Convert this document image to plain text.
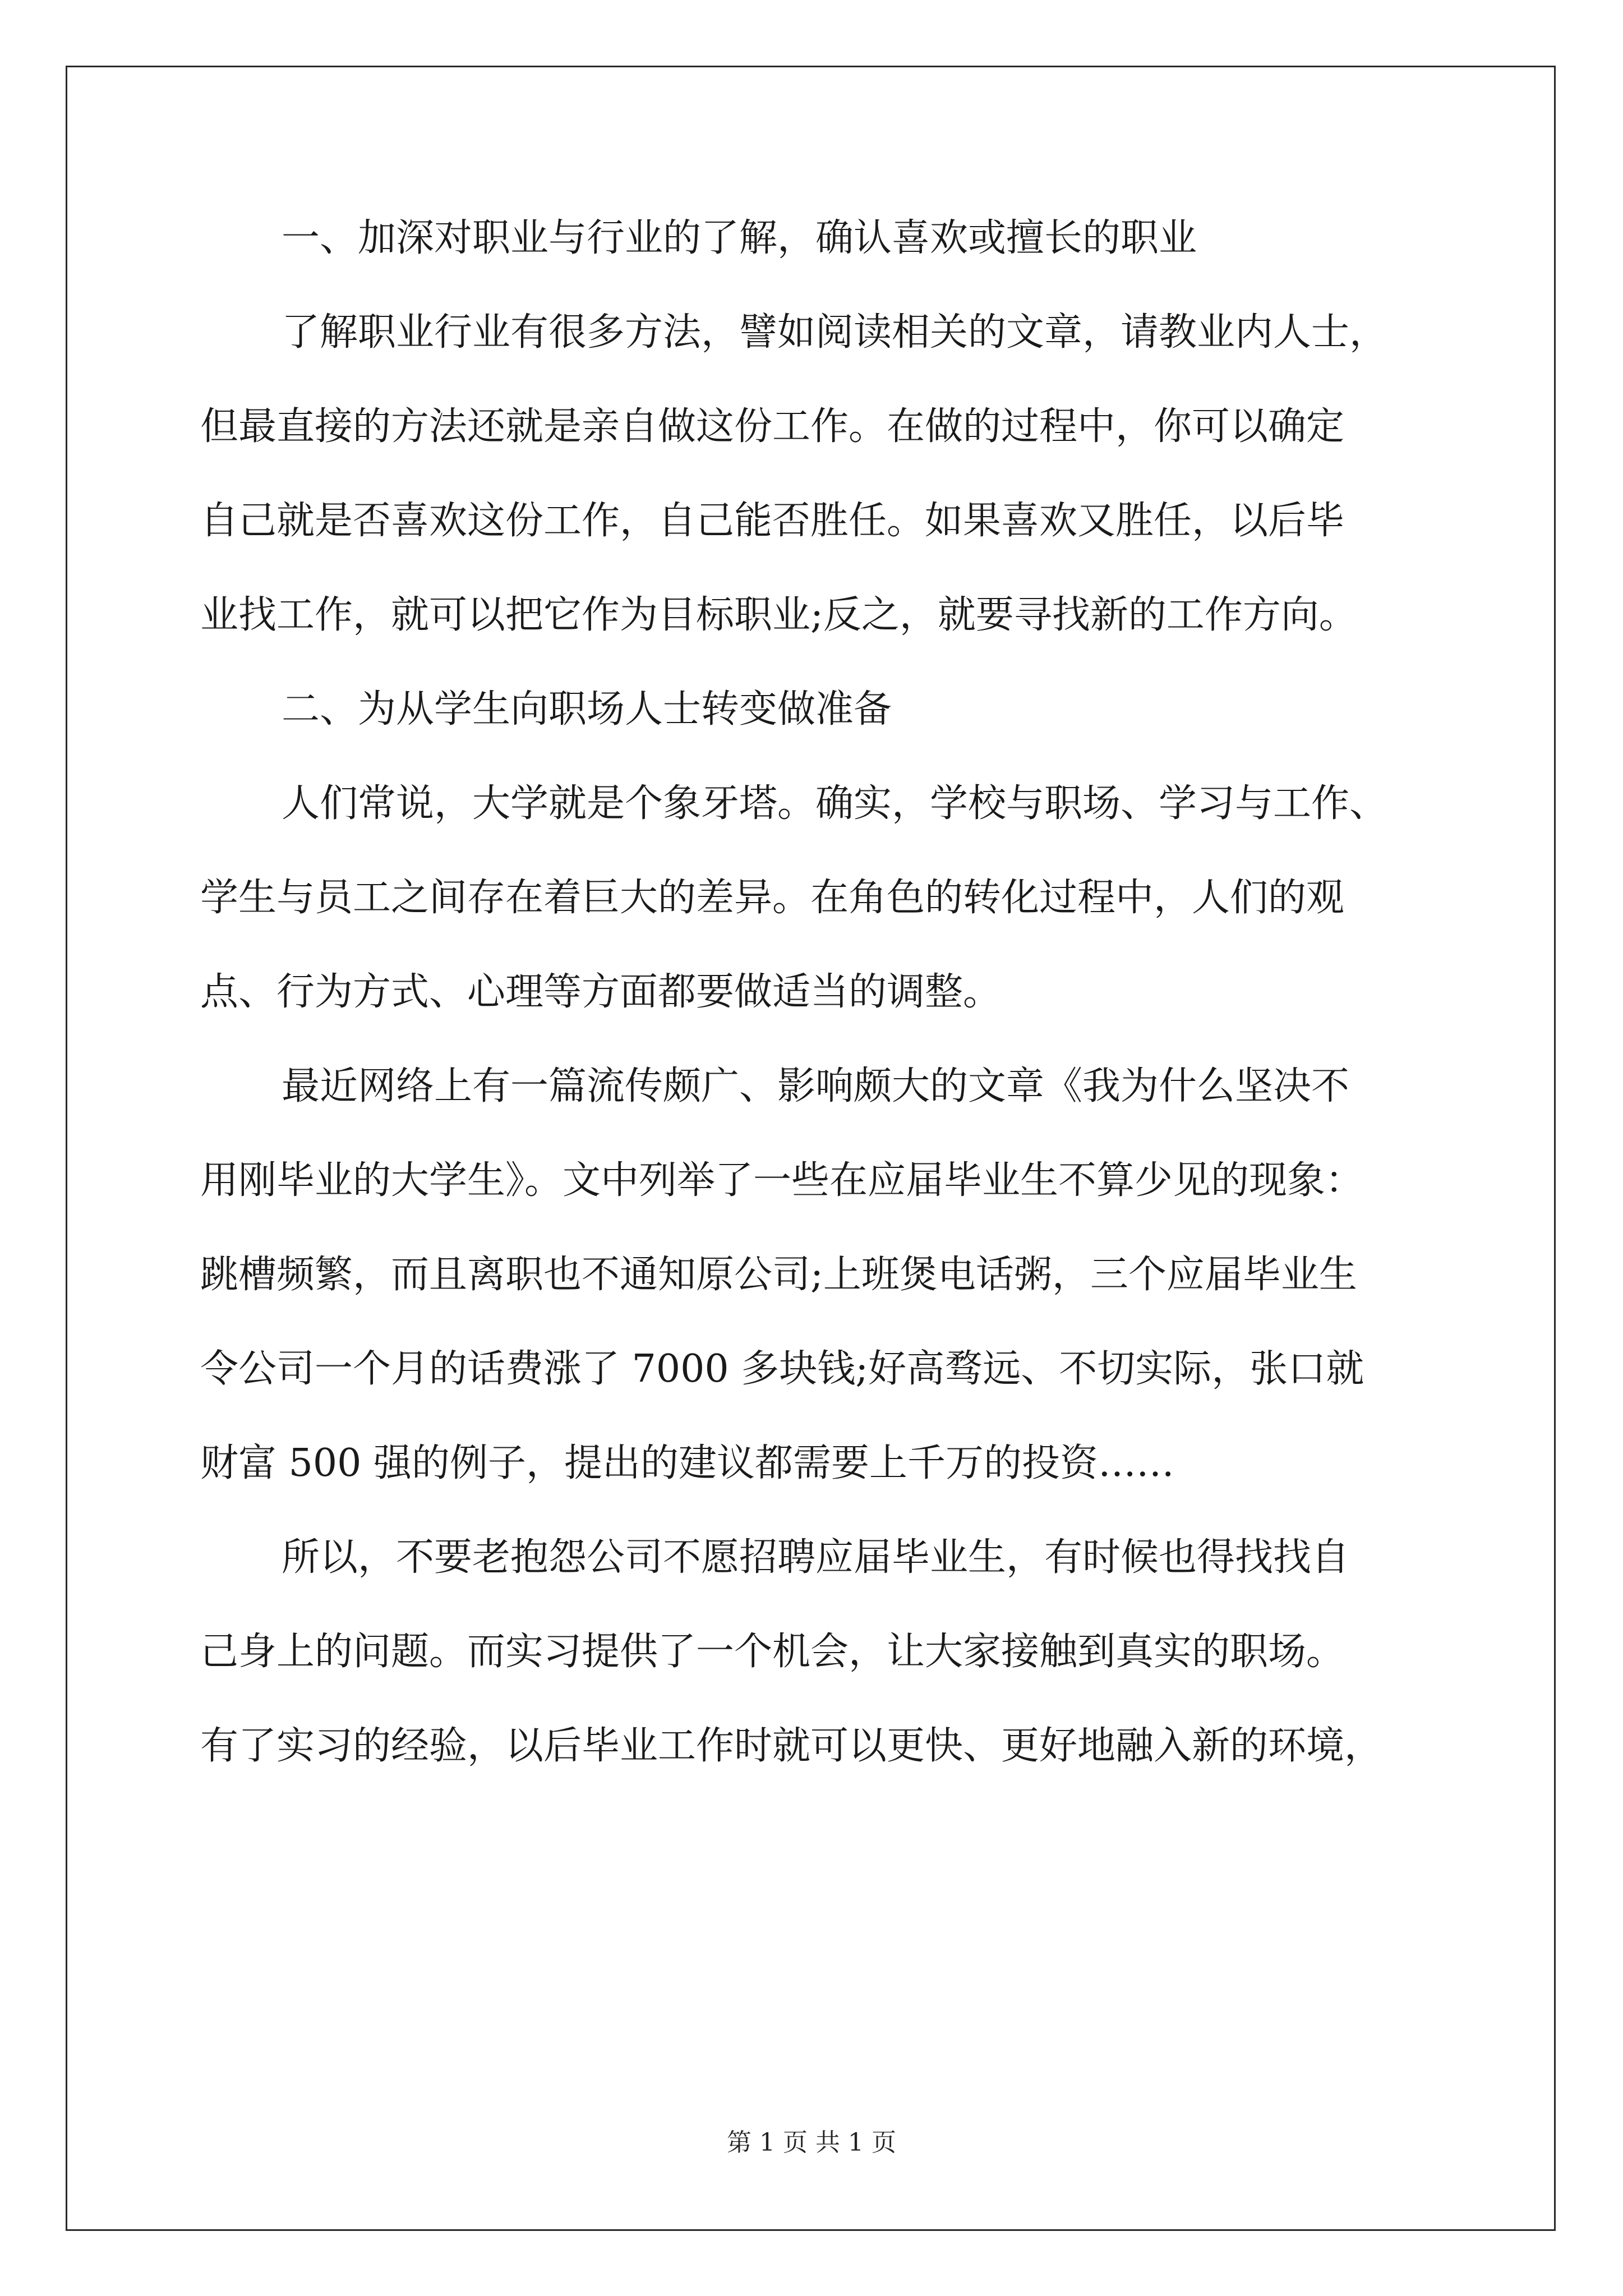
一、加深对职业与行业的了解，确认喜欢或擅长的职业
了解职业行业有很多方法，譬如阅读相关的文章，请教业内人士，
但最直接的方法还就是亲自做这份工作。在做的过程中，你可以确定
自己就是否喜欢这份工作，自己能否胜任。如果喜欢又胜任，以后毕
业找工作，就可以把它作为目标职业;反之，就要寻找新的工作方向。
二、为从学生向职场人士转变做准备
人们常说，大学就是个象牙塔。确实，学校与职场、学习与工作、
学生与员工之间存在着巨大的差异。在角色的转化过程中，人们的观
点、行为方式、心理等方面都要做适当的调整。
最近网络上有一篇流传颇广、影响颇大的文章《我为什么坚决不
用刚毕业的大学生》。文中列举了一些在应届毕业生不算少见的现象：
跳槽频繁，而且离职也不通知原公司;上班煲电话粥，三个应届毕业生
令公司一个月的话费涨了 7000 多块钱;好高骛远、不切实际，张口就
财富 500 强的例子，提出的建议都需要上千万的投资……
所以，不要老抱怨公司不愿招聘应届毕业生，有时候也得找找自
己身上的问题。而实习提供了一个机会，让大家接触到真实的职场。
有了实习的经验，以后毕业工作时就可以更快、更好地融入新的环境，
第 1 页 共 1 页
